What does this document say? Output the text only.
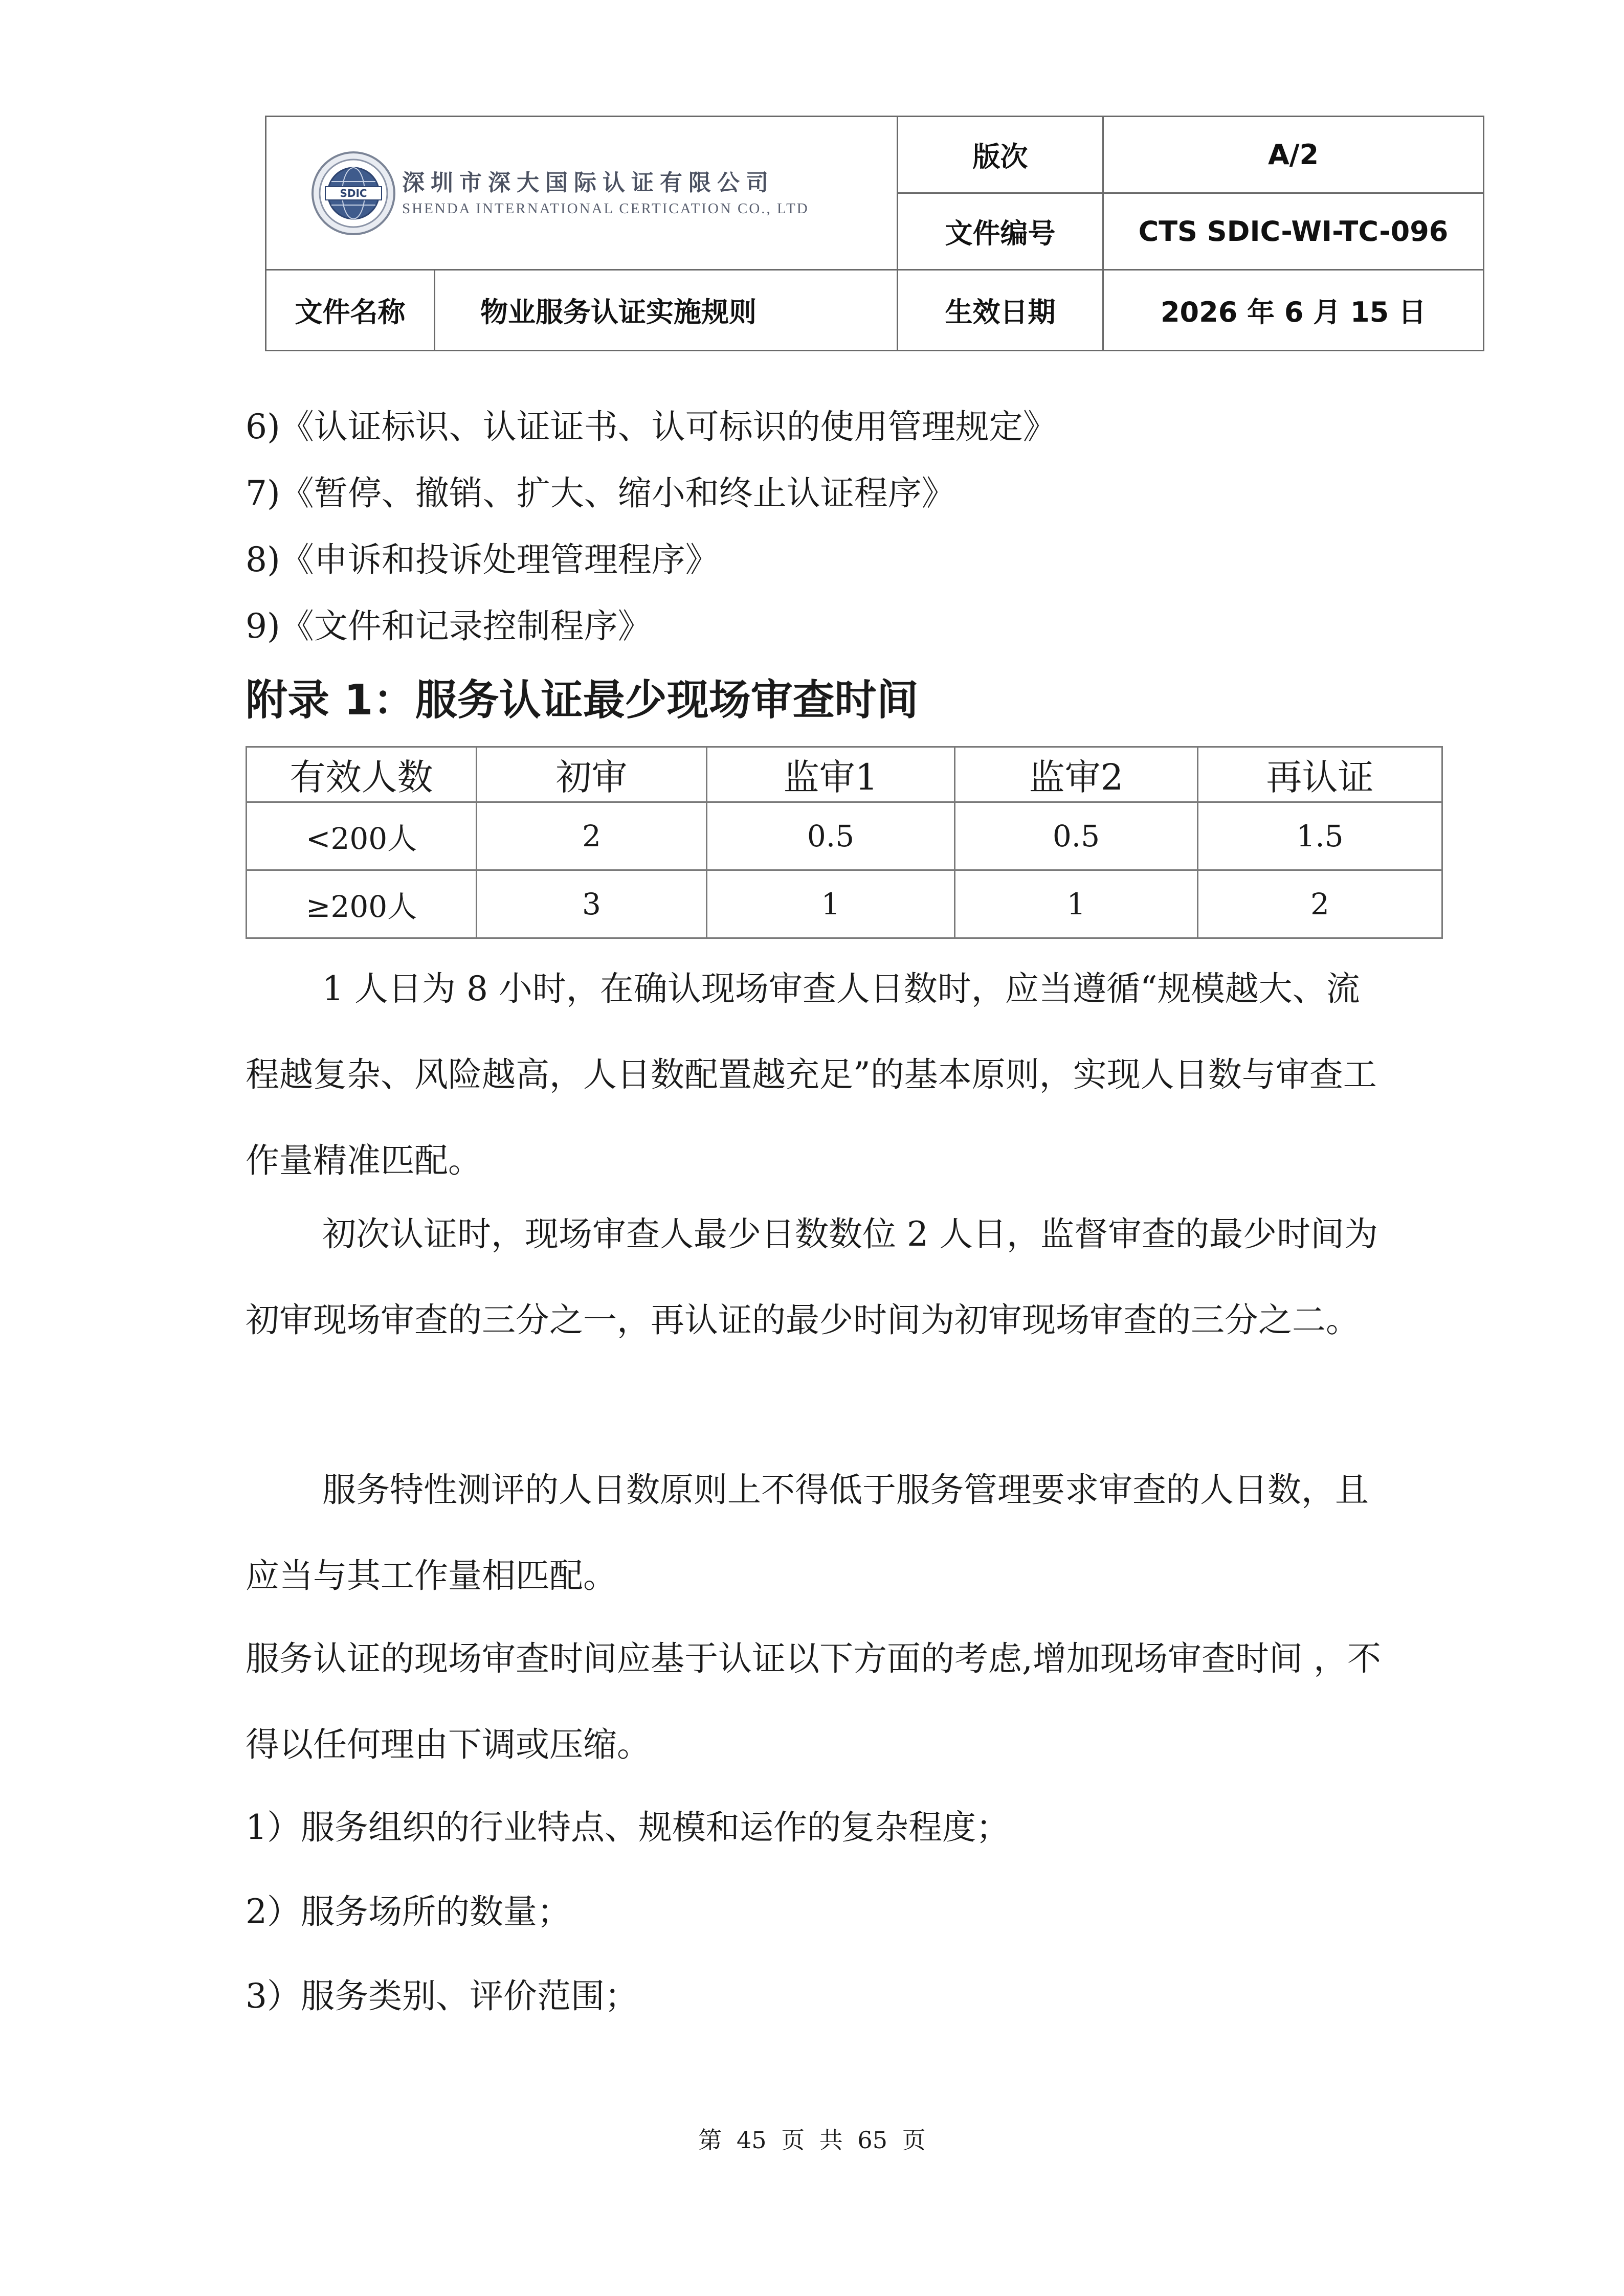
SDIC 深圳市深大国际认证有限公司
SHENDA INTERNATIONAL CERTICATION CO., LTD		版次	A/2
		文件编号	CTS SDIC-WI-TC-096
文件名称	物业服务认证实施规则	生效日期	2026 年 6 月 15 日
6)《认证标识、认证证书、认可标识的使用管理规定》
7)《暂停、撤销、扩大、缩小和终止认证程序》
8)《申诉和投诉处理管理程序》
9)《文件和记录控制程序》
附录 1：服务认证最少现场审查时间
有效人数	初审	监审1	监审2	再认证
<200人	2	0.5	0.5	1.5
≥200人	3	1	1	2

1 人日为 8 小时，在确认现场审查人日数时，应当遵循“规模越大、流程越复杂、风险越高，人日数配置越充足”的基本原则，实现人日数与审查工作量精准匹配。

初次认证时，现场审查人最少日数数位 2 人日，监督审查的最少时间为初审现场审查的三分之一，再认证的最少时间为初审现场审查的三分之二。

服务特性测评的人日数原则上不得低于服务管理要求审查的人日数，且应当与其工作量相匹配。

服务认证的现场审查时间应基于认证以下方面的考虑,增加现场审查时间 ，不得以任何理由下调或压缩。

1）服务组织的行业特点、规模和运作的复杂程度；

2）服务场所的数量；

3）服务类别、评价范围；

第 45 页 共 65 页
